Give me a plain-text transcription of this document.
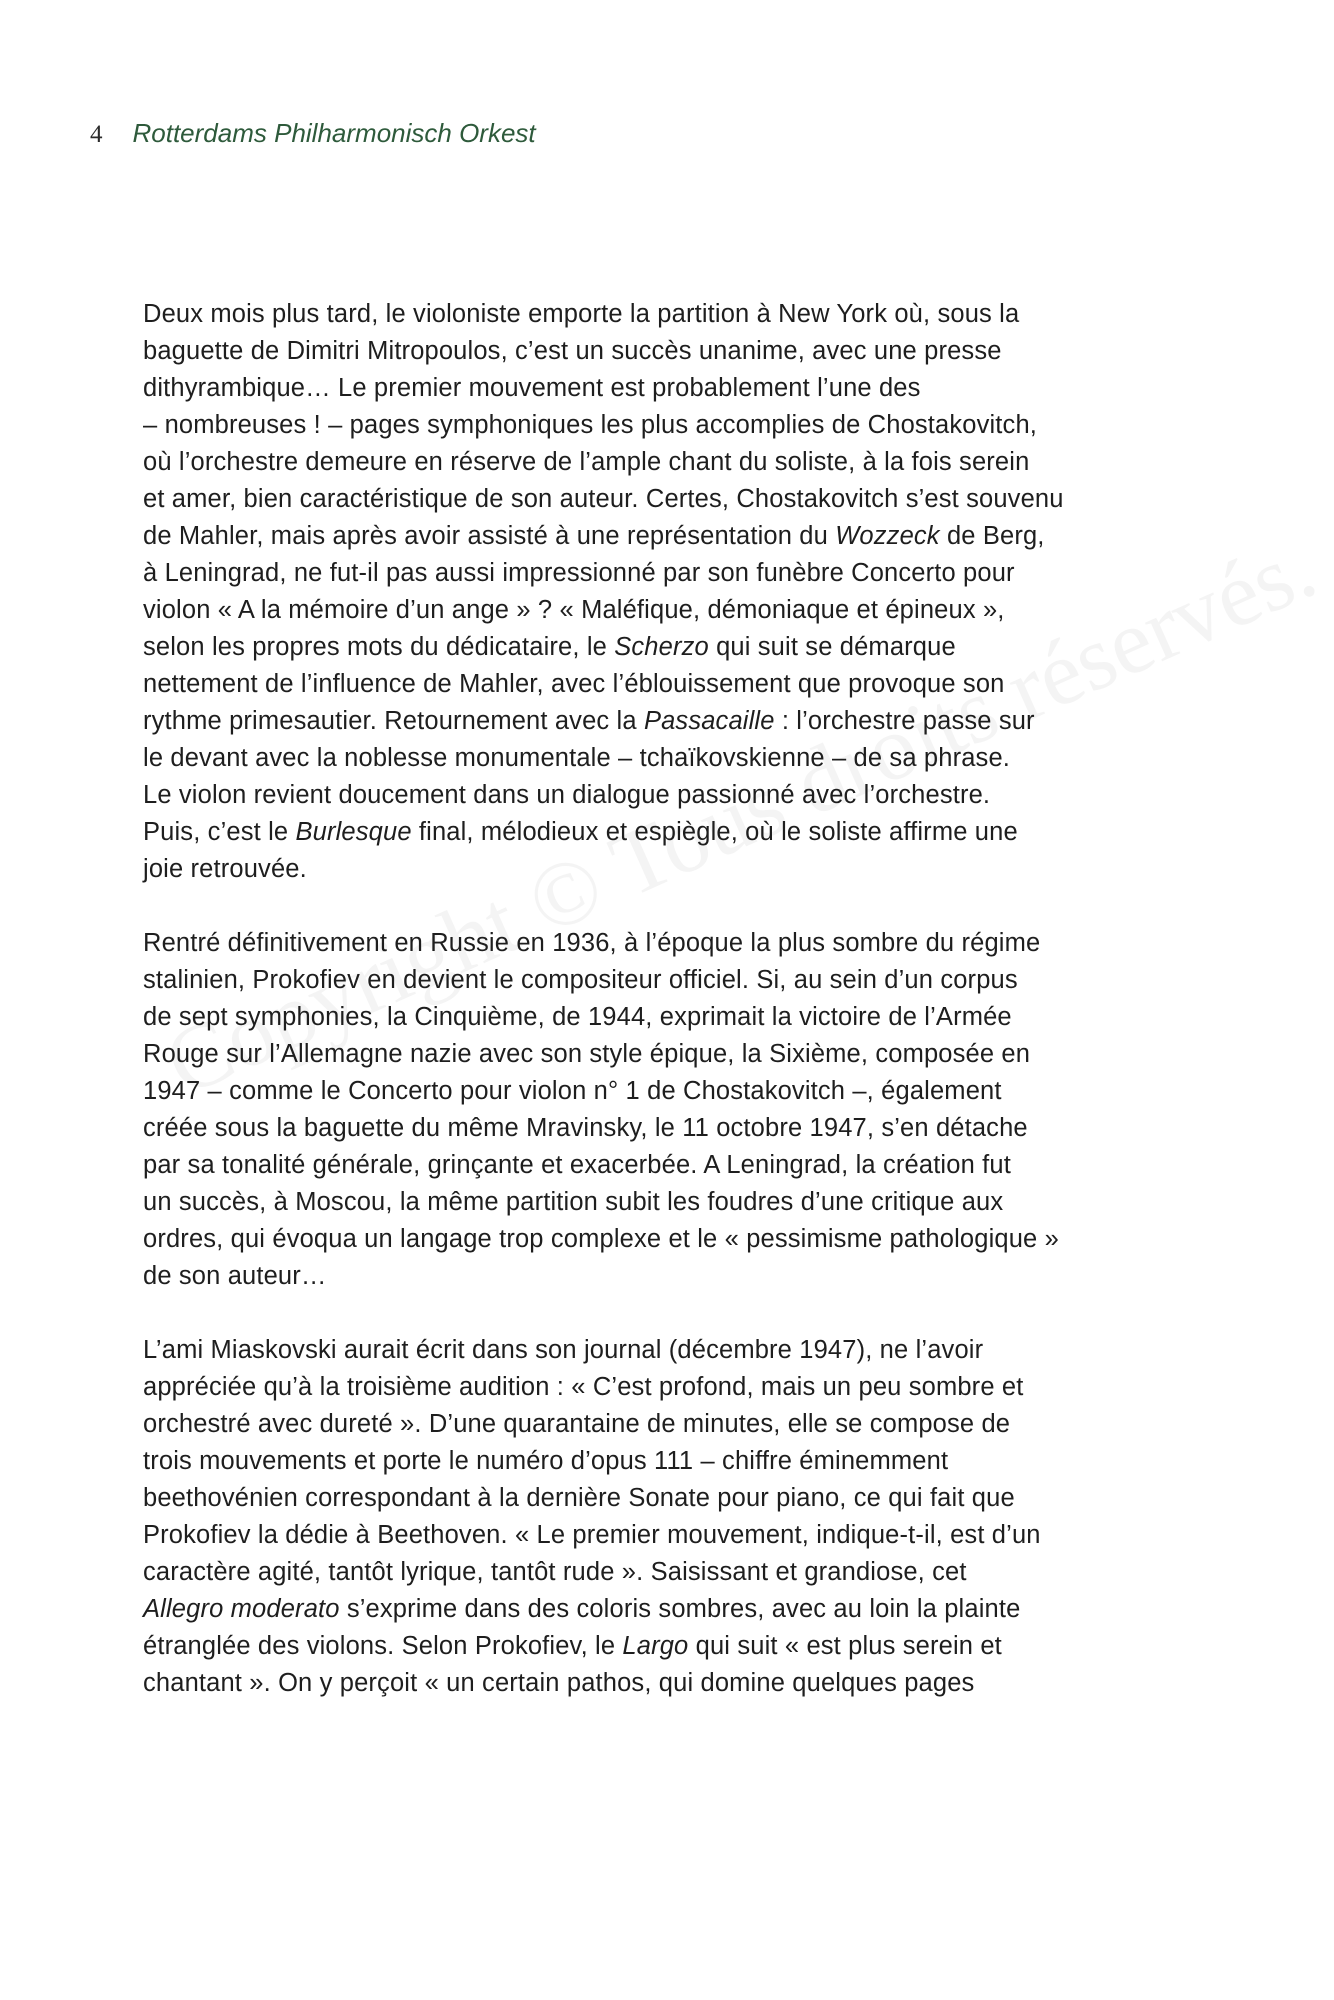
4 Rotterdams Philharmonisch Orkest
Deux mois plus tard, le violoniste emporte la partition à New York où, sous la
baguette de Dimitri Mitropoulos, c’est un succès unanime, avec une presse
dithyrambique… Le premier mouvement est probablement l’une des
– nombreuses ! – pages symphoniques les plus accomplies de Chostakovitch,
où l’orchestre demeure en réserve de l’ample chant du soliste, à la fois serein
et amer, bien caractéristique de son auteur. Certes, Chostakovitch s’est souvenu
de Mahler, mais après avoir assisté à une représentation du Wozzeck de Berg,
à Leningrad, ne fut-il pas aussi impressionné par son funèbre Concerto pour
violon « A la mémoire d’un ange » ? « Maléfique, démoniaque et épineux »,
selon les propres mots du dédicataire, le Scherzo qui suit se démarque
nettement de l’influence de Mahler, avec l’éblouissement que provoque son
rythme primesautier. Retournement avec la Passacaille : l’orchestre passe sur
le devant avec la noblesse monumentale – tchaïkovskienne – de sa phrase.
Le violon revient doucement dans un dialogue passionné avec l’orchestre.
Puis, c’est le Burlesque final, mélodieux et espiègle, où le soliste affirme une
joie retrouvée.
Rentré définitivement en Russie en 1936, à l’époque la plus sombre du régime
stalinien, Prokofiev en devient le compositeur officiel. Si, au sein d’un corpus
de sept symphonies, la Cinquième, de 1944, exprimait la victoire de l’Armée
Rouge sur l’Allemagne nazie avec son style épique, la Sixième, composée en
1947 – comme le Concerto pour violon n° 1 de Chostakovitch –, également
créée sous la baguette du même Mravinsky, le 11 octobre 1947, s’en détache
par sa tonalité générale, grinçante et exacerbée. A Leningrad, la création fut
un succès, à Moscou, la même partition subit les foudres d’une critique aux
ordres, qui évoqua un langage trop complexe et le « pessimisme pathologique »
de son auteur…
L’ami Miaskovski aurait écrit dans son journal (décembre 1947), ne l’avoir
appréciée qu’à la troisième audition : « C’est profond, mais un peu sombre et
orchestré avec dureté ». D’une quarantaine de minutes, elle se compose de
trois mouvements et porte le numéro d’opus 111 – chiffre éminemment
beethovénien correspondant à la dernière Sonate pour piano, ce qui fait que
Prokofiev la dédie à Beethoven. « Le premier mouvement, indique-t-il, est d’un
caractère agité, tantôt lyrique, tantôt rude ». Saisissant et grandiose, cet
Allegro moderato s’exprime dans des coloris sombres, avec au loin la plainte
étranglée des violons. Selon Prokofiev, le Largo qui suit « est plus serein et
chantant ». On y perçoit « un certain pathos, qui domine quelques pages
